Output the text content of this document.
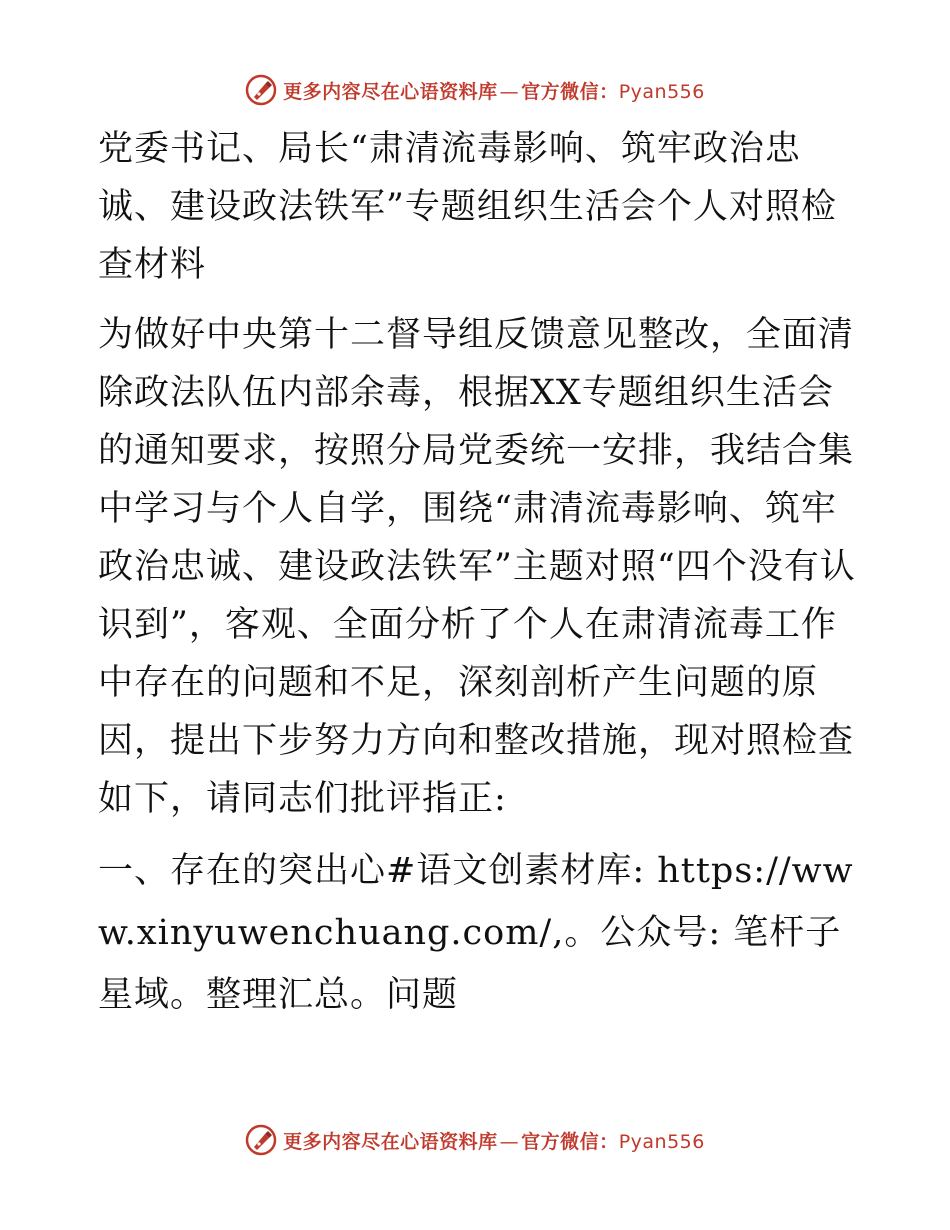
更多内容尽在心语资料库 — 官方微信：Pyan556
党委书记、局长“肃清流毒影响、筑牢政治忠诚、建设政法铁军”专题组织生活会个人对照检查材料

为做好中央第十二督导组反馈意见整改，全面清除政法队伍内部余毒，根据XX专题组织生活会的通知要求，按照分局党委统一安排，我结合集中学习与个人自学，围绕“肃清流毒影响、筑牢政治忠诚、建设政法铁军”主题对照“四个没有认识到”，客观、全面分析了个人在肃清流毒工作中存在的问题和不足，深刻剖析产生问题的原因，提出下步努力方向和整改措施，现对照检查如下，请同志们批评指正:

一、存在的突出心#语文创素材库: https://www.xinyuwenchuang.com/,。公众号: 笔杆子星域。整理汇总。问题

更多内容尽在心语资料库 — 官方微信：Pyan556
